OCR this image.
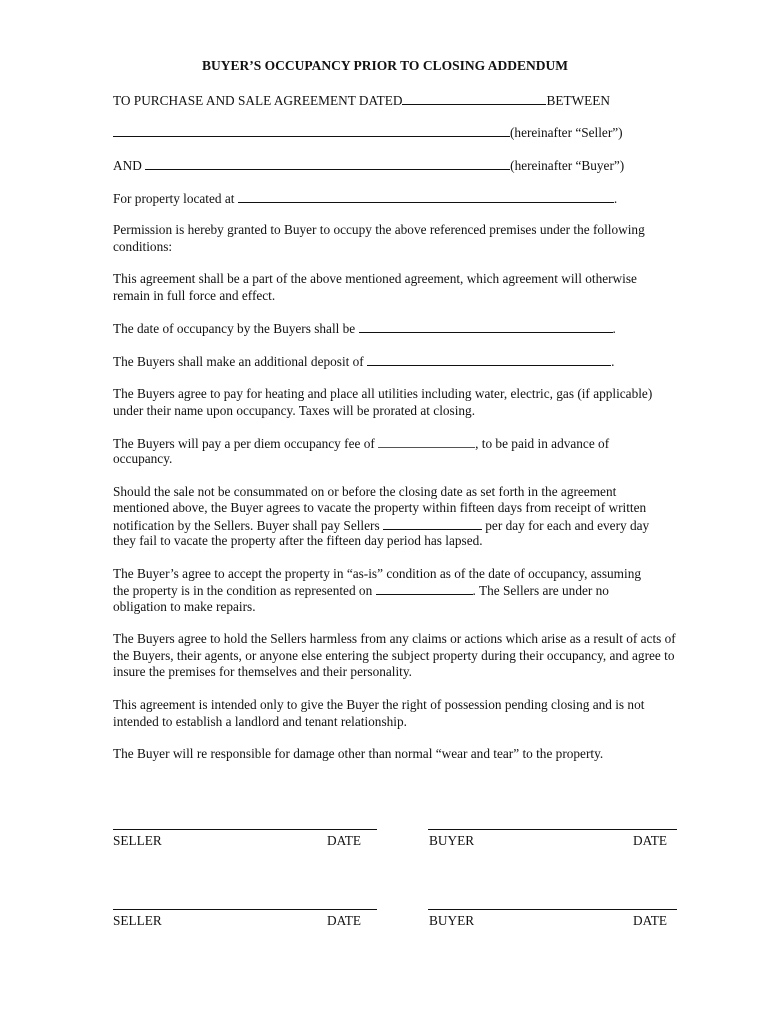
BUYER’S OCCUPANCY PRIOR TO CLOSING ADDENDUM
TO PURCHASE AND SALE AGREEMENT DATED	BETWEEN
(hereinafter “Seller”)
AND	(hereinafter “Buyer”)
For property located at	.
Permission is hereby granted to Buyer to occupy the above referenced premises under the following conditions:
This agreement shall be a part of the above mentioned agreement, which agreement will otherwise remain in full force and effect.
The date of occupancy by the Buyers shall be	.
The Buyers shall make an additional deposit of	.
The Buyers agree to pay for heating and place all utilities including water, electric, gas (if applicable) under their name upon occupancy. Taxes will be prorated at closing.
The Buyers will pay a per diem occupancy fee of	, to be paid in advance of
occupancy.
Should the sale not be consummated on or before the closing date as set forth in the agreement
mentioned above, the Buyer agrees to vacate the property within fifteen days from receipt of written
notification by the Sellers. Buyer shall pay Sellers	per day for each and every day
they fail to vacate the property after the fifteen day period has lapsed.
The Buyer’s agree to accept the property in “as-is” condition as of the date of occupancy, assuming
the property is in the condition as represented on	. The Sellers are under no
obligation to make repairs.
The Buyers agree to hold the Sellers harmless from any claims or actions which arise as a result of acts of the Buyers, their agents, or anyone else entering the subject property during their occupancy, and agree to insure the premises for themselves and their personality.
This agreement is intended only to give the Buyer the right of possession pending closing and is not intended to establish a landlord and tenant relationship.
The Buyer will re responsible for damage other than normal “wear and tear” to the property.
SELLER	DATE	BUYER	DATE
SELLER	DATE	BUYER	DATE
